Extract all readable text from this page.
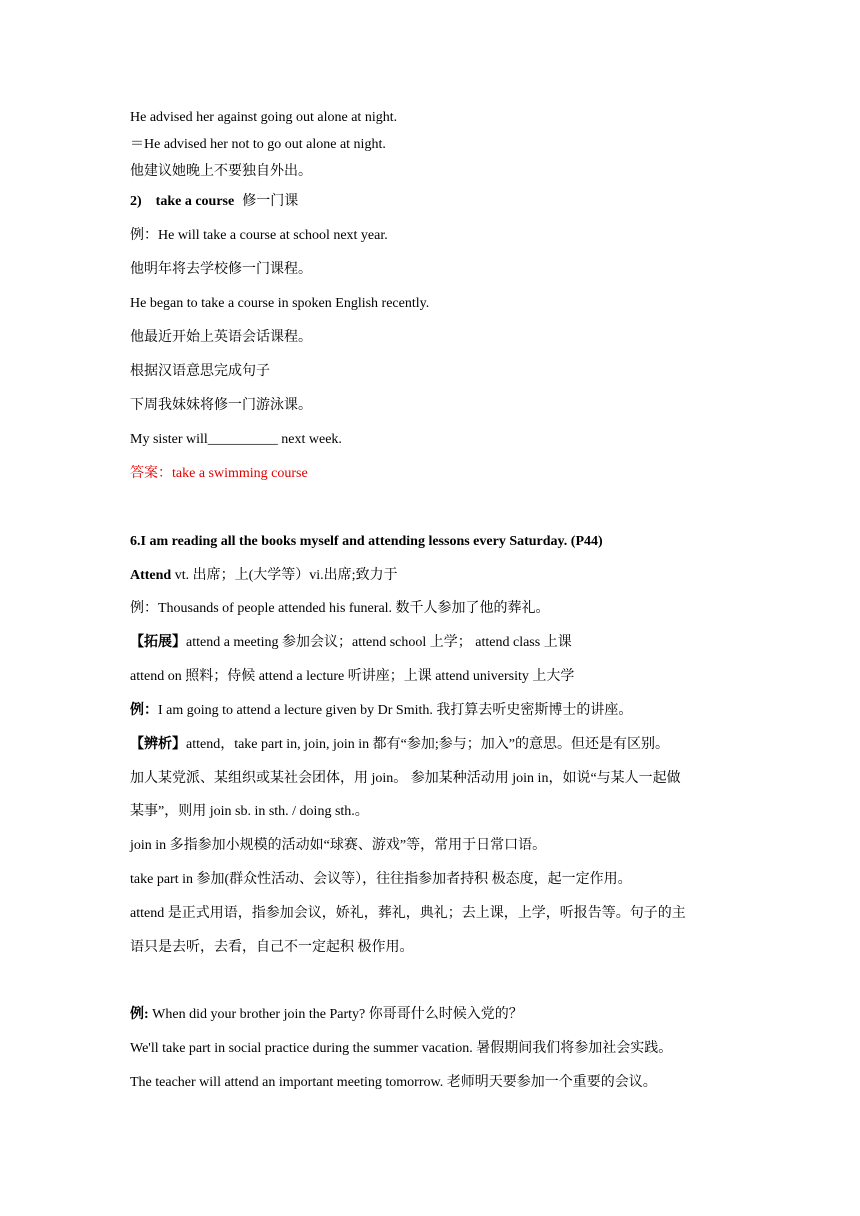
He advised her against going out alone at night.
＝He advised her not to go out alone at night.
他建议她晚上不要独自外出。
2) take a course 修一门课
例：He will take a course at school next year.
他明年将去学校修一门课程。
He began to take a course in spoken English recently.
他最近开始上英语会话课程。
根据汉语意思完成句子
下周我妹妹将修一门游泳课。
My sister will__________ next week.
答案：take a swimming course
6.I am reading all the books myself and attending lessons every Saturday. (P44)
Attend vt. 出席；上(大学等）vi.出席;致力于
例：Thousands of people attended his funeral. 数千人参加了他的葬礼。
【拓展】attend a meeting 参加会议；attend school 上学； attend class 上课
attend on 照料；侍候 attend a lecture 听讲座；上课 attend university 上大学
例：I am going to attend a lecture given by Dr Smith. 我打算去听史密斯博士的讲座。
【辨析】attend，take part in, join, join in 都有“参加;参与；加入”的意思。但还是有区别。
加人某党派、某组织或某社会团体，用 join。 参加某种活动用 join in，如说“与某人一起做
某事”，则用 join sb. in sth. / doing sth.。
join in 多指参加小规模的活动如“球赛、游戏”等，常用于日常口语。
take part in 参加(群众性活动、会议等），往往指参加者持积 极态度，起一定作用。
attend 是正式用语，指参加会议，娇礼，葬礼，典礼；去上课，上学，听报告等。句子的主
语只是去听，去看，自己不一定起积 极作用。
例: When did your brother join the Party? 你哥哥什么时候入党的？
We'll take part in social practice during the summer vacation. 暑假期间我们将参加社会实践。
The teacher will attend an important meeting tomorrow. 老师明天要参加一个重要的会议。
